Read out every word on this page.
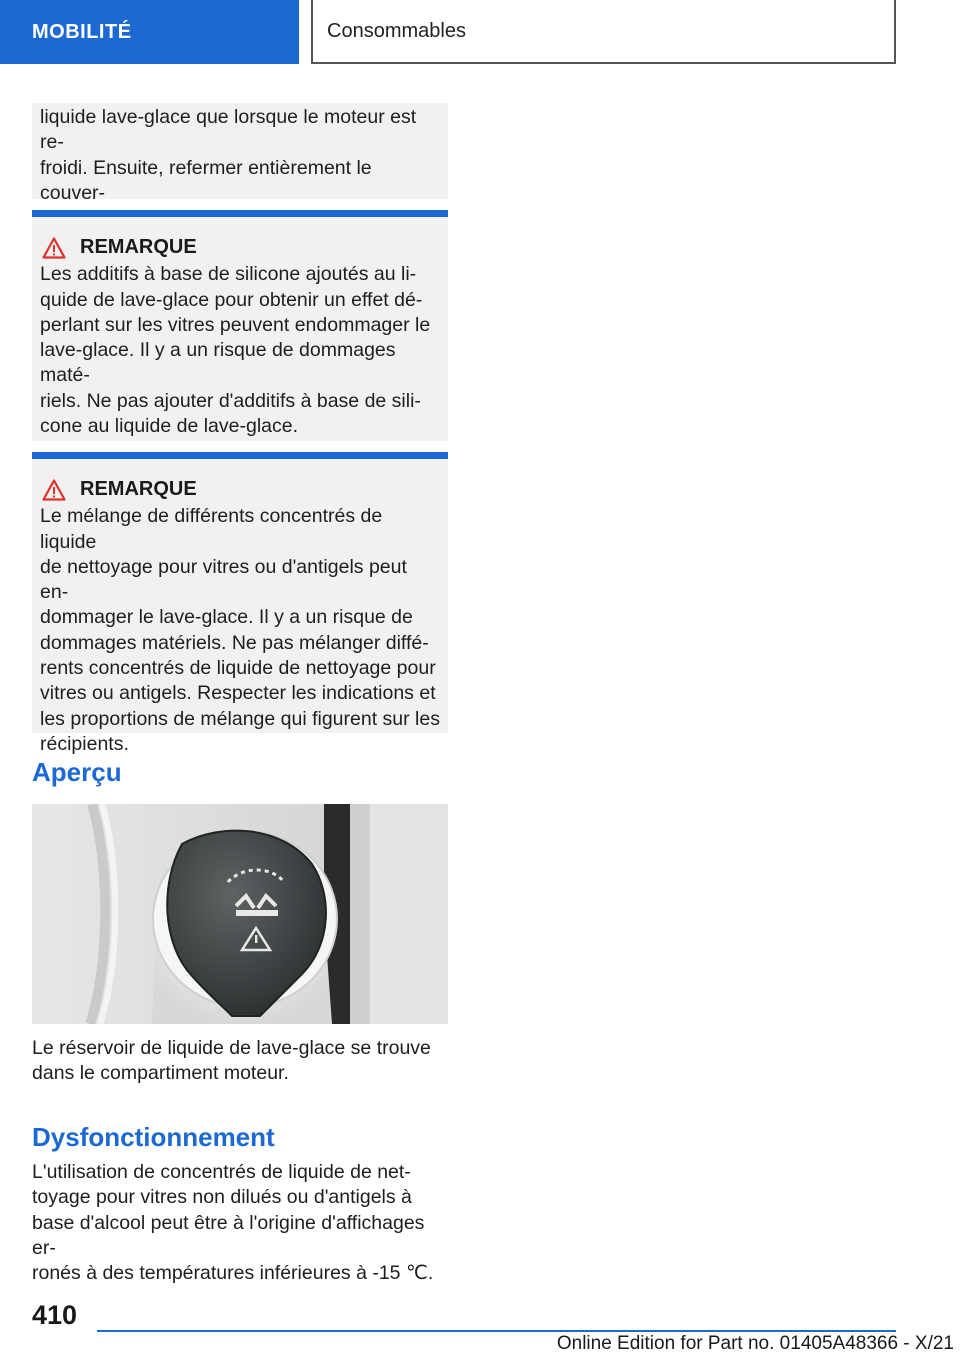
MOBILITÉ	Consommables

liquide lave-glace que lorsque le moteur est re-

froidi. Ensuite, refermer entièrement le couver-

REMARQUE

Les additifs à base de silicone ajoutés au li-

quide de lave-glace pour obtenir un effet dé-

perlant sur les vitres peuvent endommager le

lave-glace. Il y a un risque de dommages maté-

riels. Ne pas ajouter d'additifs à base de sili-

cone au liquide de lave-glace.

REMARQUE

Le mélange de différents concentrés de liquide

de nettoyage pour vitres ou d'antigels peut en-

dommager le lave-glace. Il y a un risque de

dommages matériels. Ne pas mélanger diffé-

rents concentrés de liquide de nettoyage pour

vitres ou antigels. Respecter les indications et

les proportions de mélange qui figurent sur les

récipients.

Aperçu
Le réservoir de liquide de lave-glace se trouve
dans le compartiment moteur.
Dysfonctionnement
L'utilisation de concentrés de liquide de net-
toyage pour vitres non dilués ou d'antigels à
base d'alcool peut être à l'origine d'affichages er-
ronés à des températures inférieures à -15 ℃.
410
Online Edition for Part no. 01405A48366 - X/21
